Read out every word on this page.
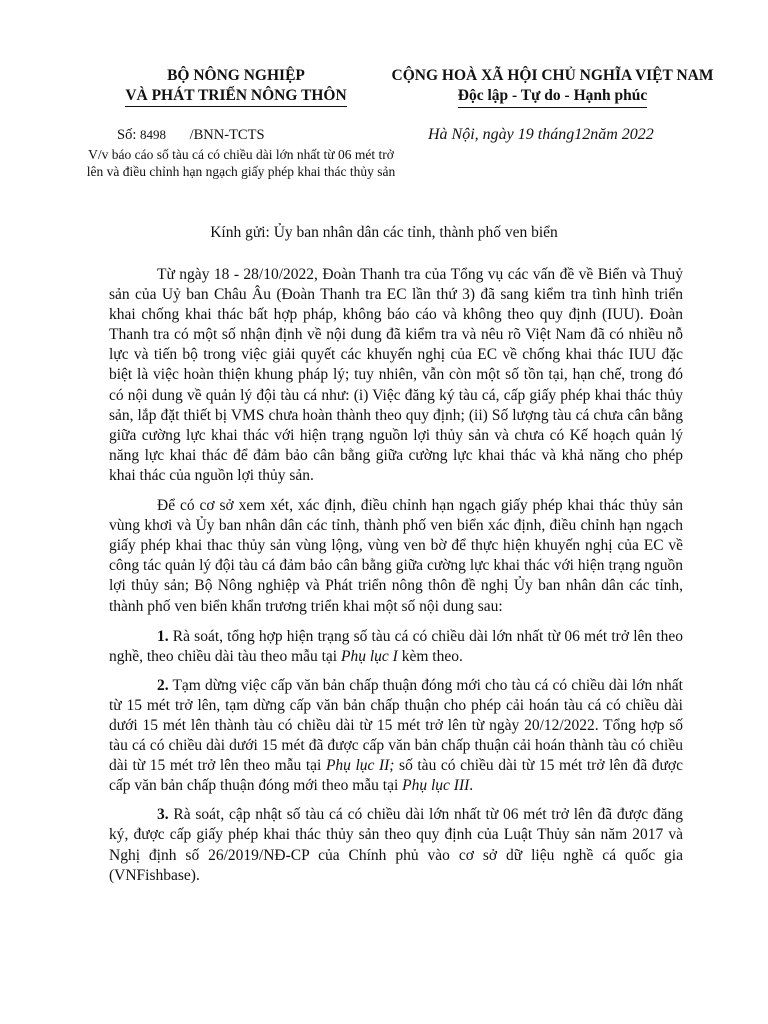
BỘ NÔNG NGHIỆP
VÀ PHÁT TRIỂN NÔNG THÔN
CỘNG HOÀ XÃ HỘI CHỦ NGHĨA VIỆT NAM
Độc lập - Tự do - Hạnh phúc
Số: 8498 /BNN-TCTS
V/v báo cáo số tàu cá có chiều dài lớn nhất từ 06 mét trở lên và điều chỉnh hạn ngạch giấy phép khai thác thủy sản
Hà Nội, ngày 19 tháng12năm 2022
Kính gửi: Ủy ban nhân dân các tỉnh, thành phố ven biển

Từ ngày 18 - 28/10/2022, Đoàn Thanh tra của Tổng vụ các vấn đề về Biển và Thuỷ sản của Uỷ ban Châu Âu (Đoàn Thanh tra EC lần thứ 3) đã sang kiểm tra tình hình triển khai chống khai thác bất hợp pháp, không báo cáo và không theo quy định (IUU). Đoàn Thanh tra có một số nhận định về nội dung đã kiểm tra và nêu rõ Việt Nam đã có nhiều nỗ lực và tiến bộ trong việc giải quyết các khuyến nghị của EC về chống khai thác IUU đặc biệt là việc hoàn thiện khung pháp lý; tuy nhiên, vẫn còn một số tồn tại, hạn chế, trong đó có nội dung về quản lý đội tàu cá như: (i) Việc đăng ký tàu cá, cấp giấy phép khai thác thủy sản, lắp đặt thiết bị VMS chưa hoàn thành theo quy định; (ii) Số lượng tàu cá chưa cân bằng giữa cường lực khai thác với hiện trạng nguồn lợi thủy sản và chưa có Kế hoạch quản lý năng lực khai thác để đảm bảo cân bằng giữa cường lực khai thác và khả năng cho phép khai thác của nguồn lợi thủy sản.

Để có cơ sở xem xét, xác định, điều chỉnh hạn ngạch giấy phép khai thác thủy sản vùng khơi và Ủy ban nhân dân các tỉnh, thành phố ven biển xác định, điều chỉnh hạn ngạch giấy phép khai thac thủy sản vùng lộng, vùng ven bờ để thực hiện khuyến nghị của EC về công tác quản lý đội tàu cá đảm bảo cân bằng giữa cường lực khai thác với hiện trạng nguồn lợi thủy sản; Bộ Nông nghiệp và Phát triển nông thôn đề nghị Ủy ban nhân dân các tỉnh, thành phố ven biển khẩn trương triển khai một số nội dung sau:

1. Rà soát, tổng hợp hiện trạng số tàu cá có chiều dài lớn nhất từ 06 mét trở lên theo nghề, theo chiều dài tàu theo mẫu tại Phụ lục I kèm theo.

2. Tạm dừng việc cấp văn bản chấp thuận đóng mới cho tàu cá có chiều dài lớn nhất từ 15 mét trở lên, tạm dừng cấp văn bản chấp thuận cho phép cải hoán tàu cá có chiều dài dưới 15 mét lên thành tàu có chiều dài từ 15 mét trở lên từ ngày 20/12/2022. Tổng hợp số tàu cá có chiều dài dưới 15 mét đã được cấp văn bản chấp thuận cải hoán thành tàu có chiều dài từ 15 mét trở lên theo mẫu tại Phụ lục II; số tàu có chiều dài từ 15 mét trở lên đã được cấp văn bản chấp thuận đóng mới theo mẫu tại Phụ lục III.

3. Rà soát, cập nhật số tàu cá có chiều dài lớn nhất từ 06 mét trở lên đã được đăng ký, được cấp giấy phép khai thác thủy sản theo quy định của Luật Thủy sản năm 2017 và Nghị định số 26/2019/NĐ-CP của Chính phủ vào cơ sở dữ liệu nghề cá quốc gia (VNFishbase).
